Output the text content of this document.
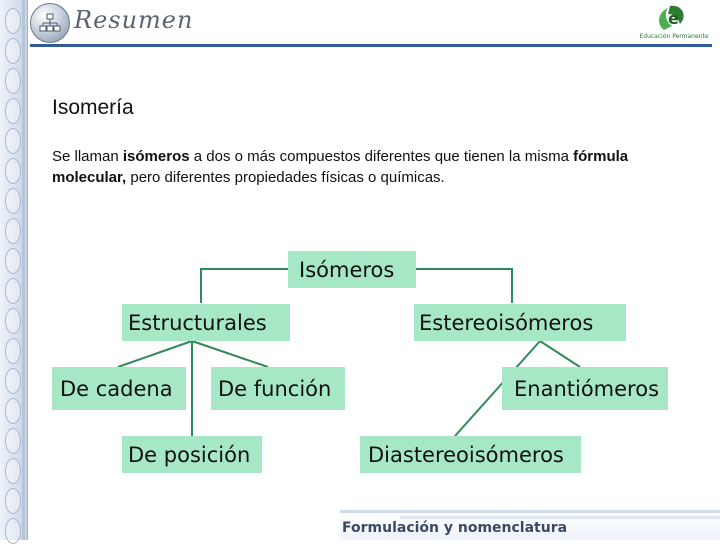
Resumen	e
Educación Permanente
Isomería
Se llaman isómeros a dos o más compuestos diferentes que tienen la misma fórmula molecular, pero diferentes propiedades físicas o químicas.
Isómeros
Estructurales	Estereoisómeros
De cadena	De función	Enantiómeros
De posición	Diastereoisómeros
Formulación y nomenclatura
